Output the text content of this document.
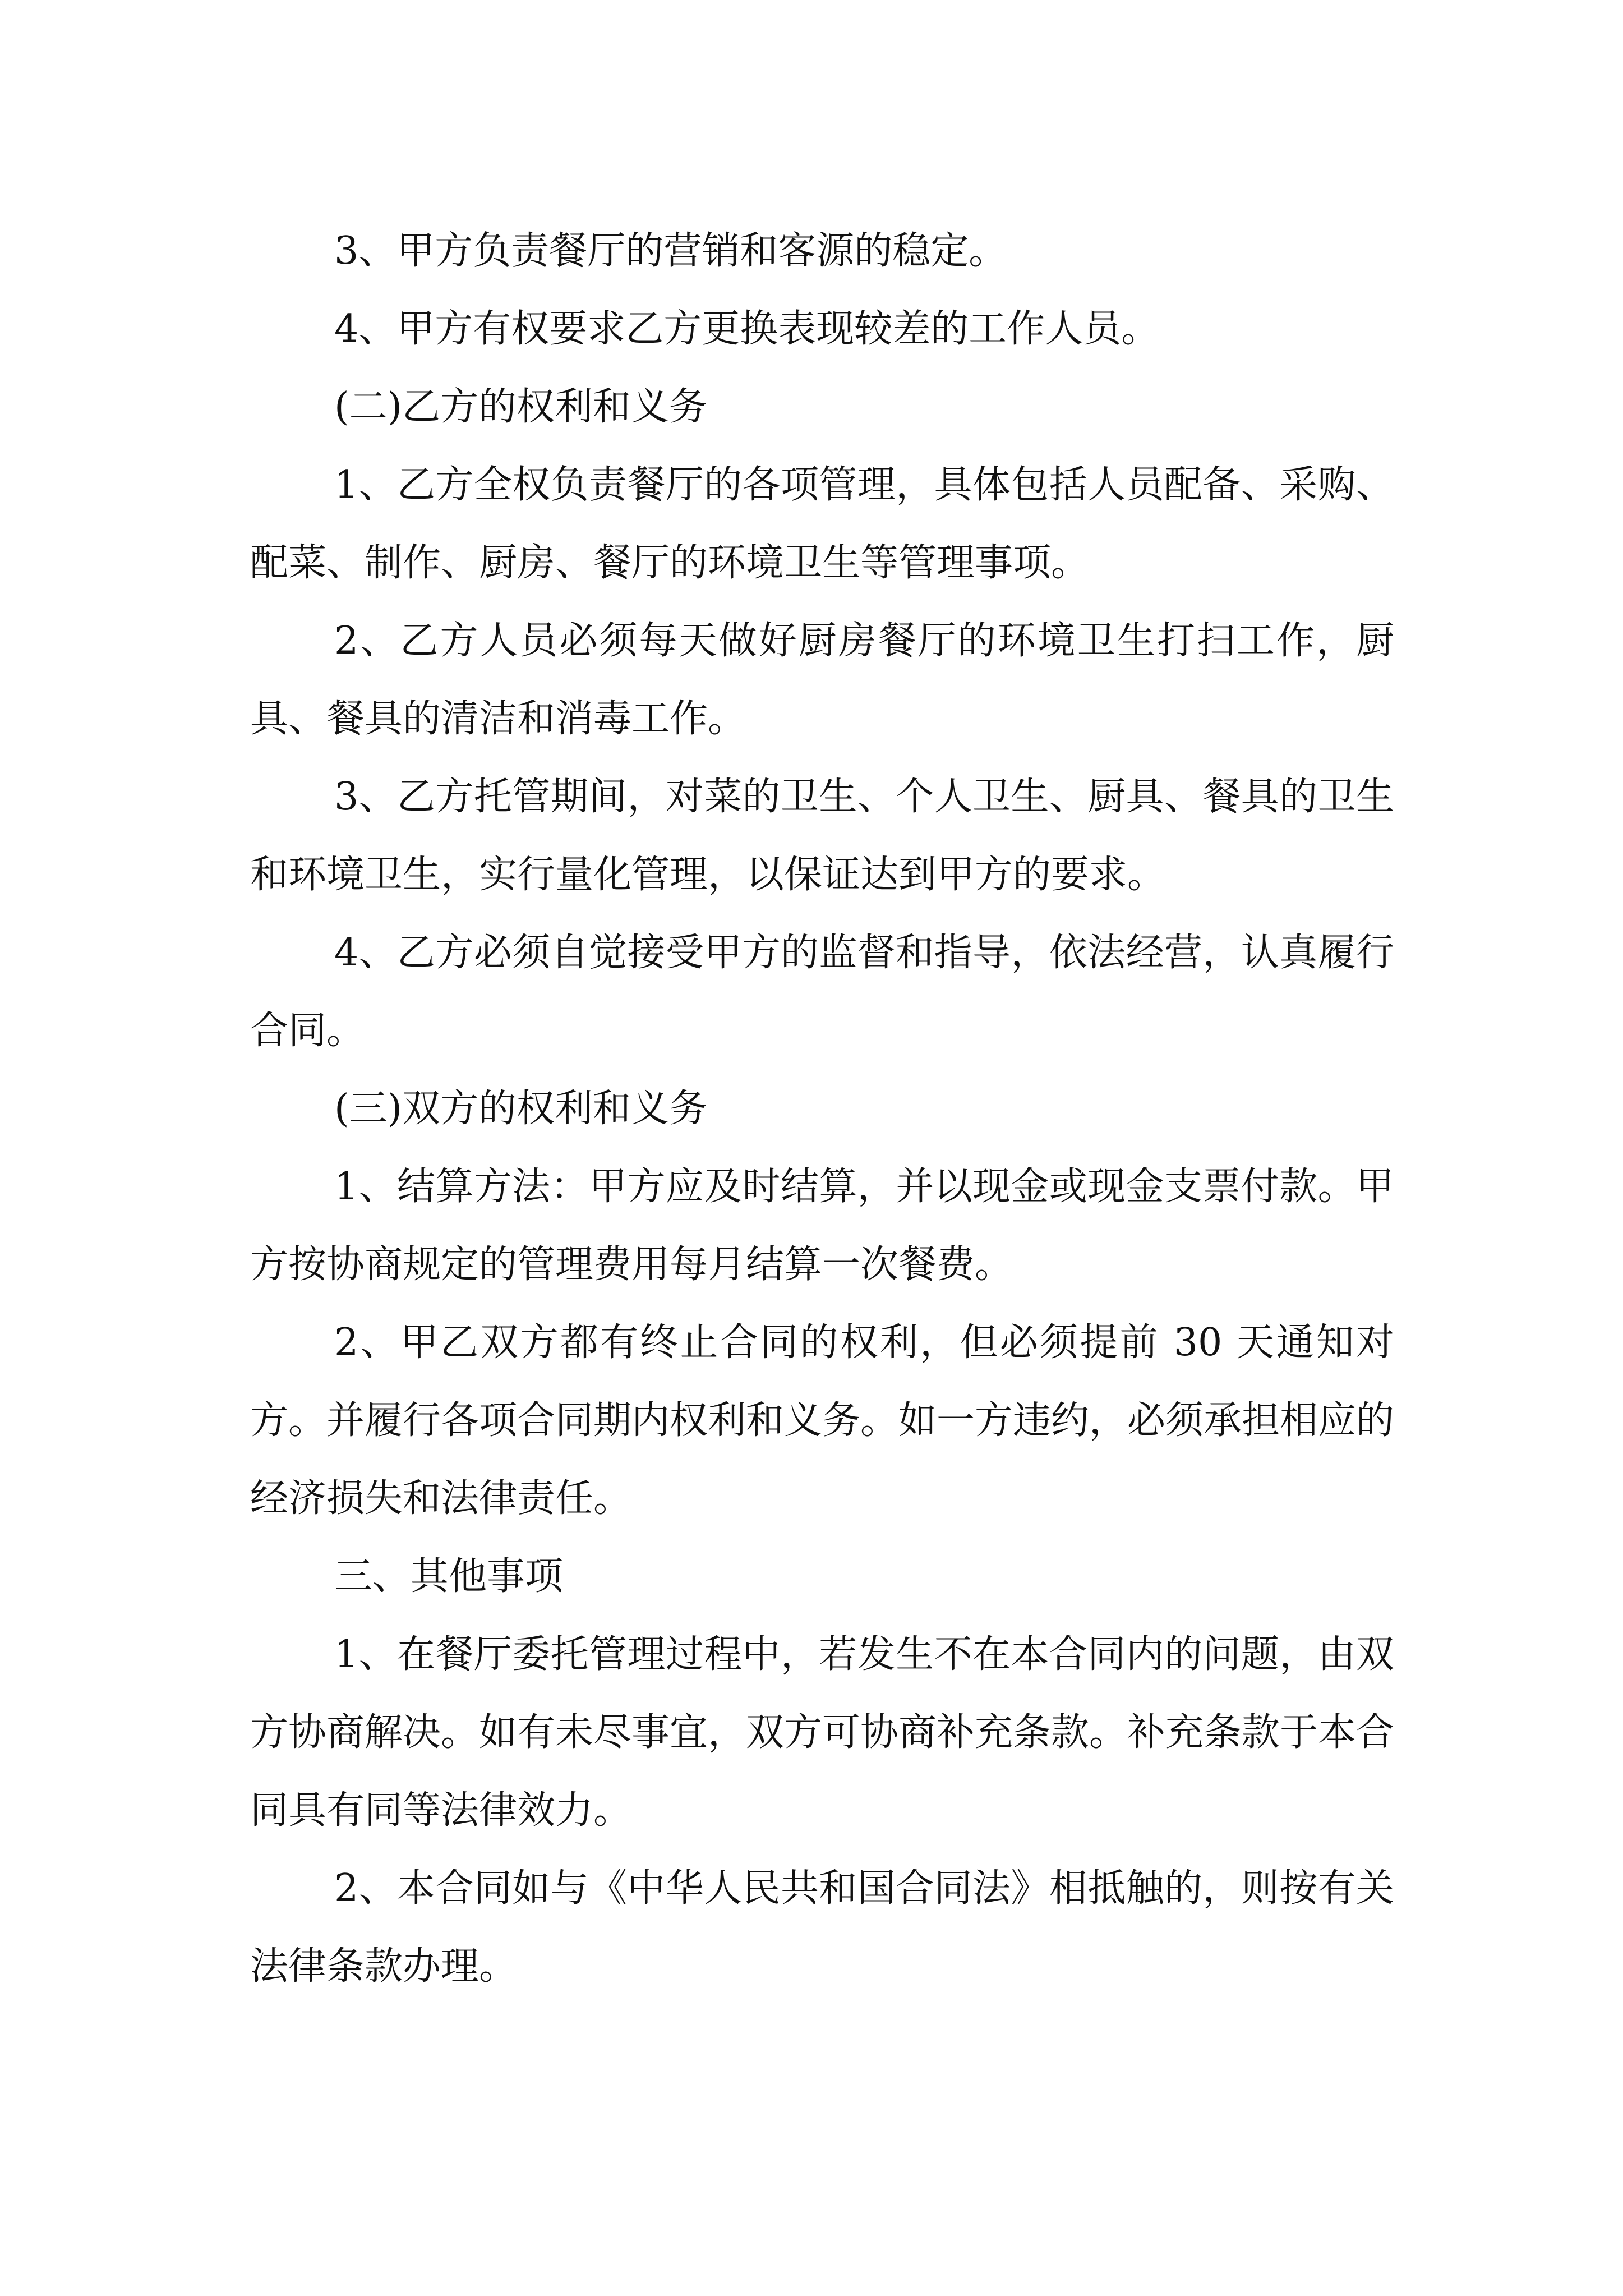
3、甲方负责餐厅的营销和客源的稳定。

4、甲方有权要求乙方更换表现较差的工作人员。

(二)乙方的权利和义务

1、乙方全权负责餐厅的各项管理，具体包括人员配备、采购、配菜、制作、厨房、餐厅的环境卫生等管理事项。

2、乙方人员必须每天做好厨房餐厅的环境卫生打扫工作，厨具、餐具的清洁和消毒工作。

3、乙方托管期间，对菜的卫生、个人卫生、厨具、餐具的卫生和环境卫生，实行量化管理，以保证达到甲方的要求。

4、乙方必须自觉接受甲方的监督和指导，依法经营，认真履行合同。

(三)双方的权利和义务

1、结算方法：甲方应及时结算，并以现金或现金支票付款。甲方按协商规定的管理费用每月结算一次餐费。

2、甲乙双方都有终止合同的权利，但必须提前 30 天通知对方。并履行各项合同期内权利和义务。如一方违约，必须承担相应的经济损失和法律责任。

三、其他事项

1、在餐厅委托管理过程中，若发生不在本合同内的问题，由双方协商解决。如有未尽事宜，双方可协商补充条款。补充条款于本合同具有同等法律效力。

2、本合同如与《中华人民共和国合同法》相抵触的，则按有关法律条款办理。
